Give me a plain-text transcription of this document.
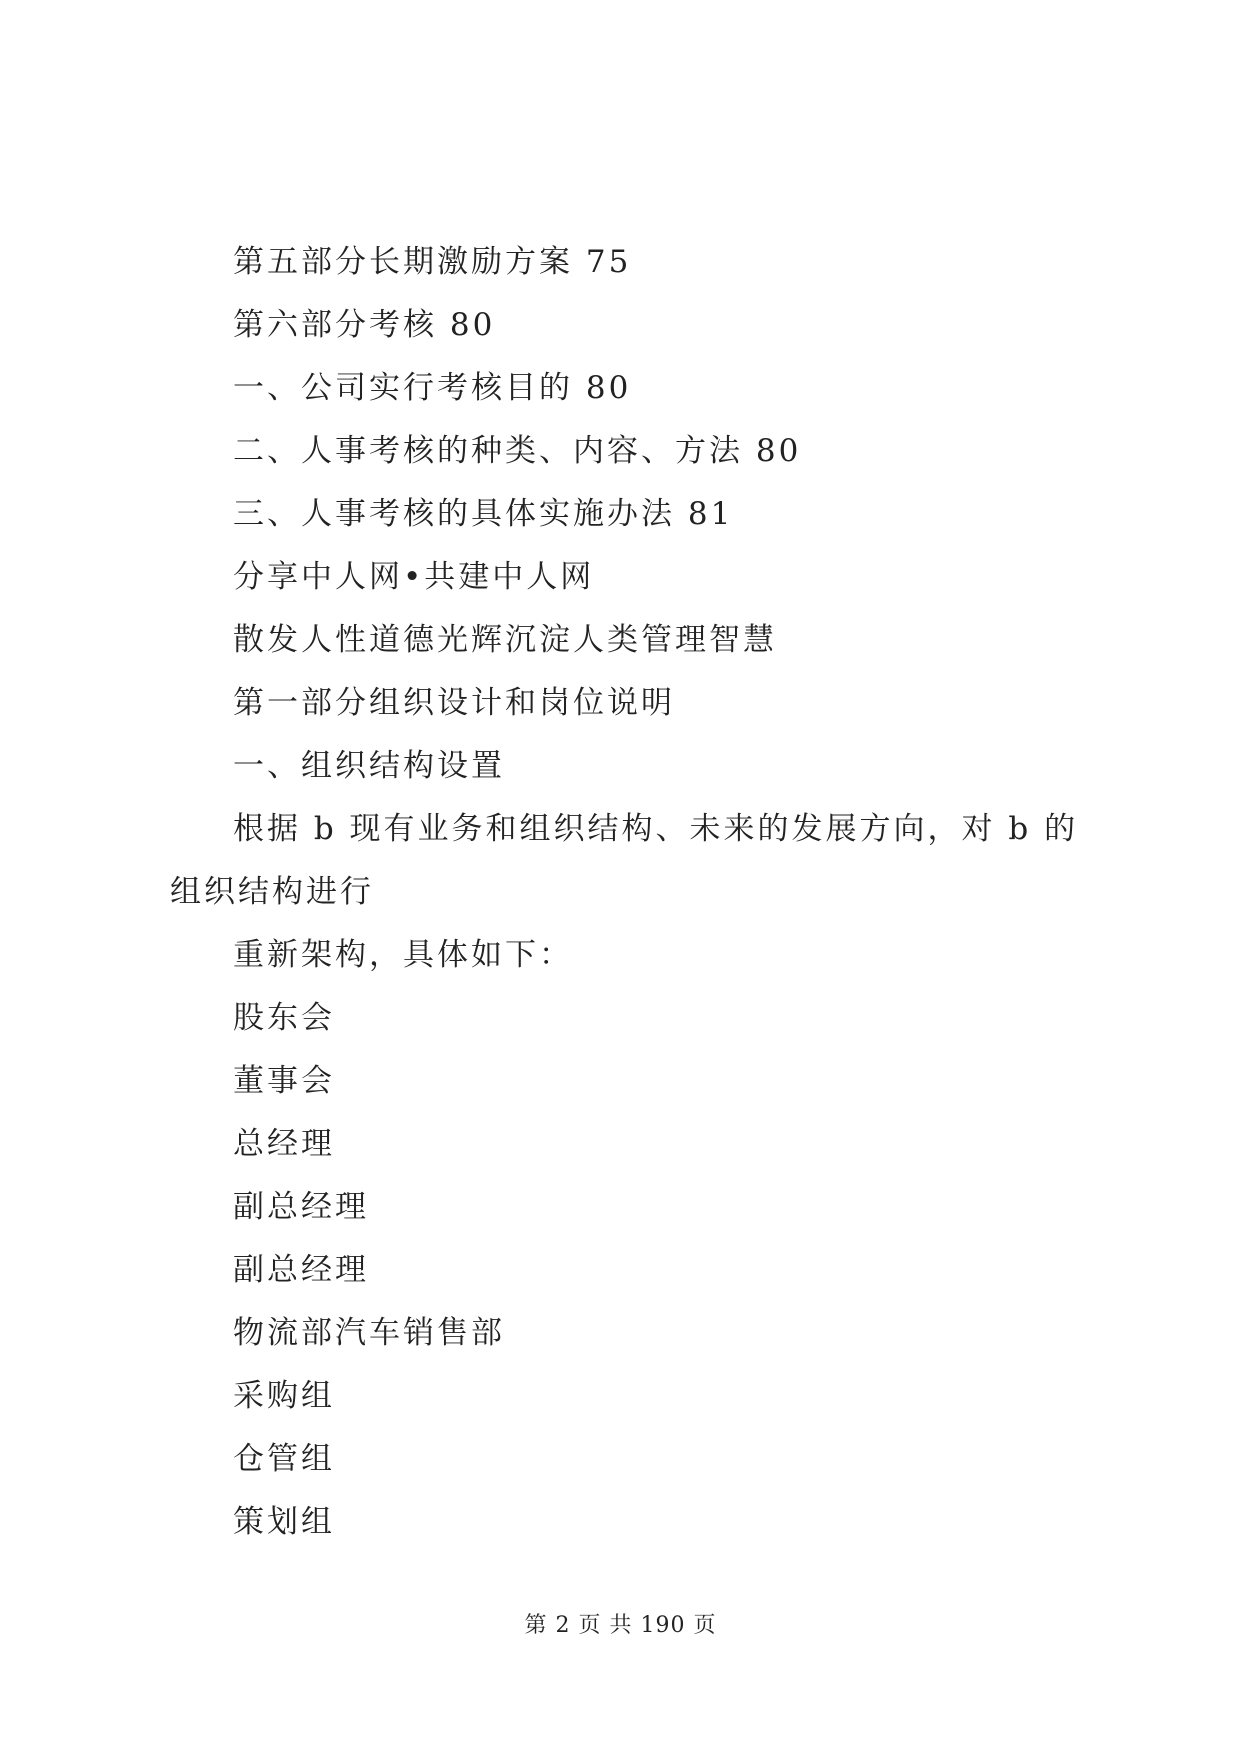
第五部分长期激励方案 75
第六部分考核 80
一、公司实行考核目的 80
二、人事考核的种类、内容、方法 80
三、人事考核的具体实施办法 81
分享中人网•共建中人网
散发人性道德光辉沉淀人类管理智慧
第一部分组织设计和岗位说明
一、组织结构设置
根据 b 现有业务和组织结构、未来的发展方向，对 b 的组织结构进行
重新架构，具体如下：
股东会
董事会
总经理
副总经理
副总经理
物流部汽车销售部
采购组
仓管组
策划组
第 2 页 共 190 页
